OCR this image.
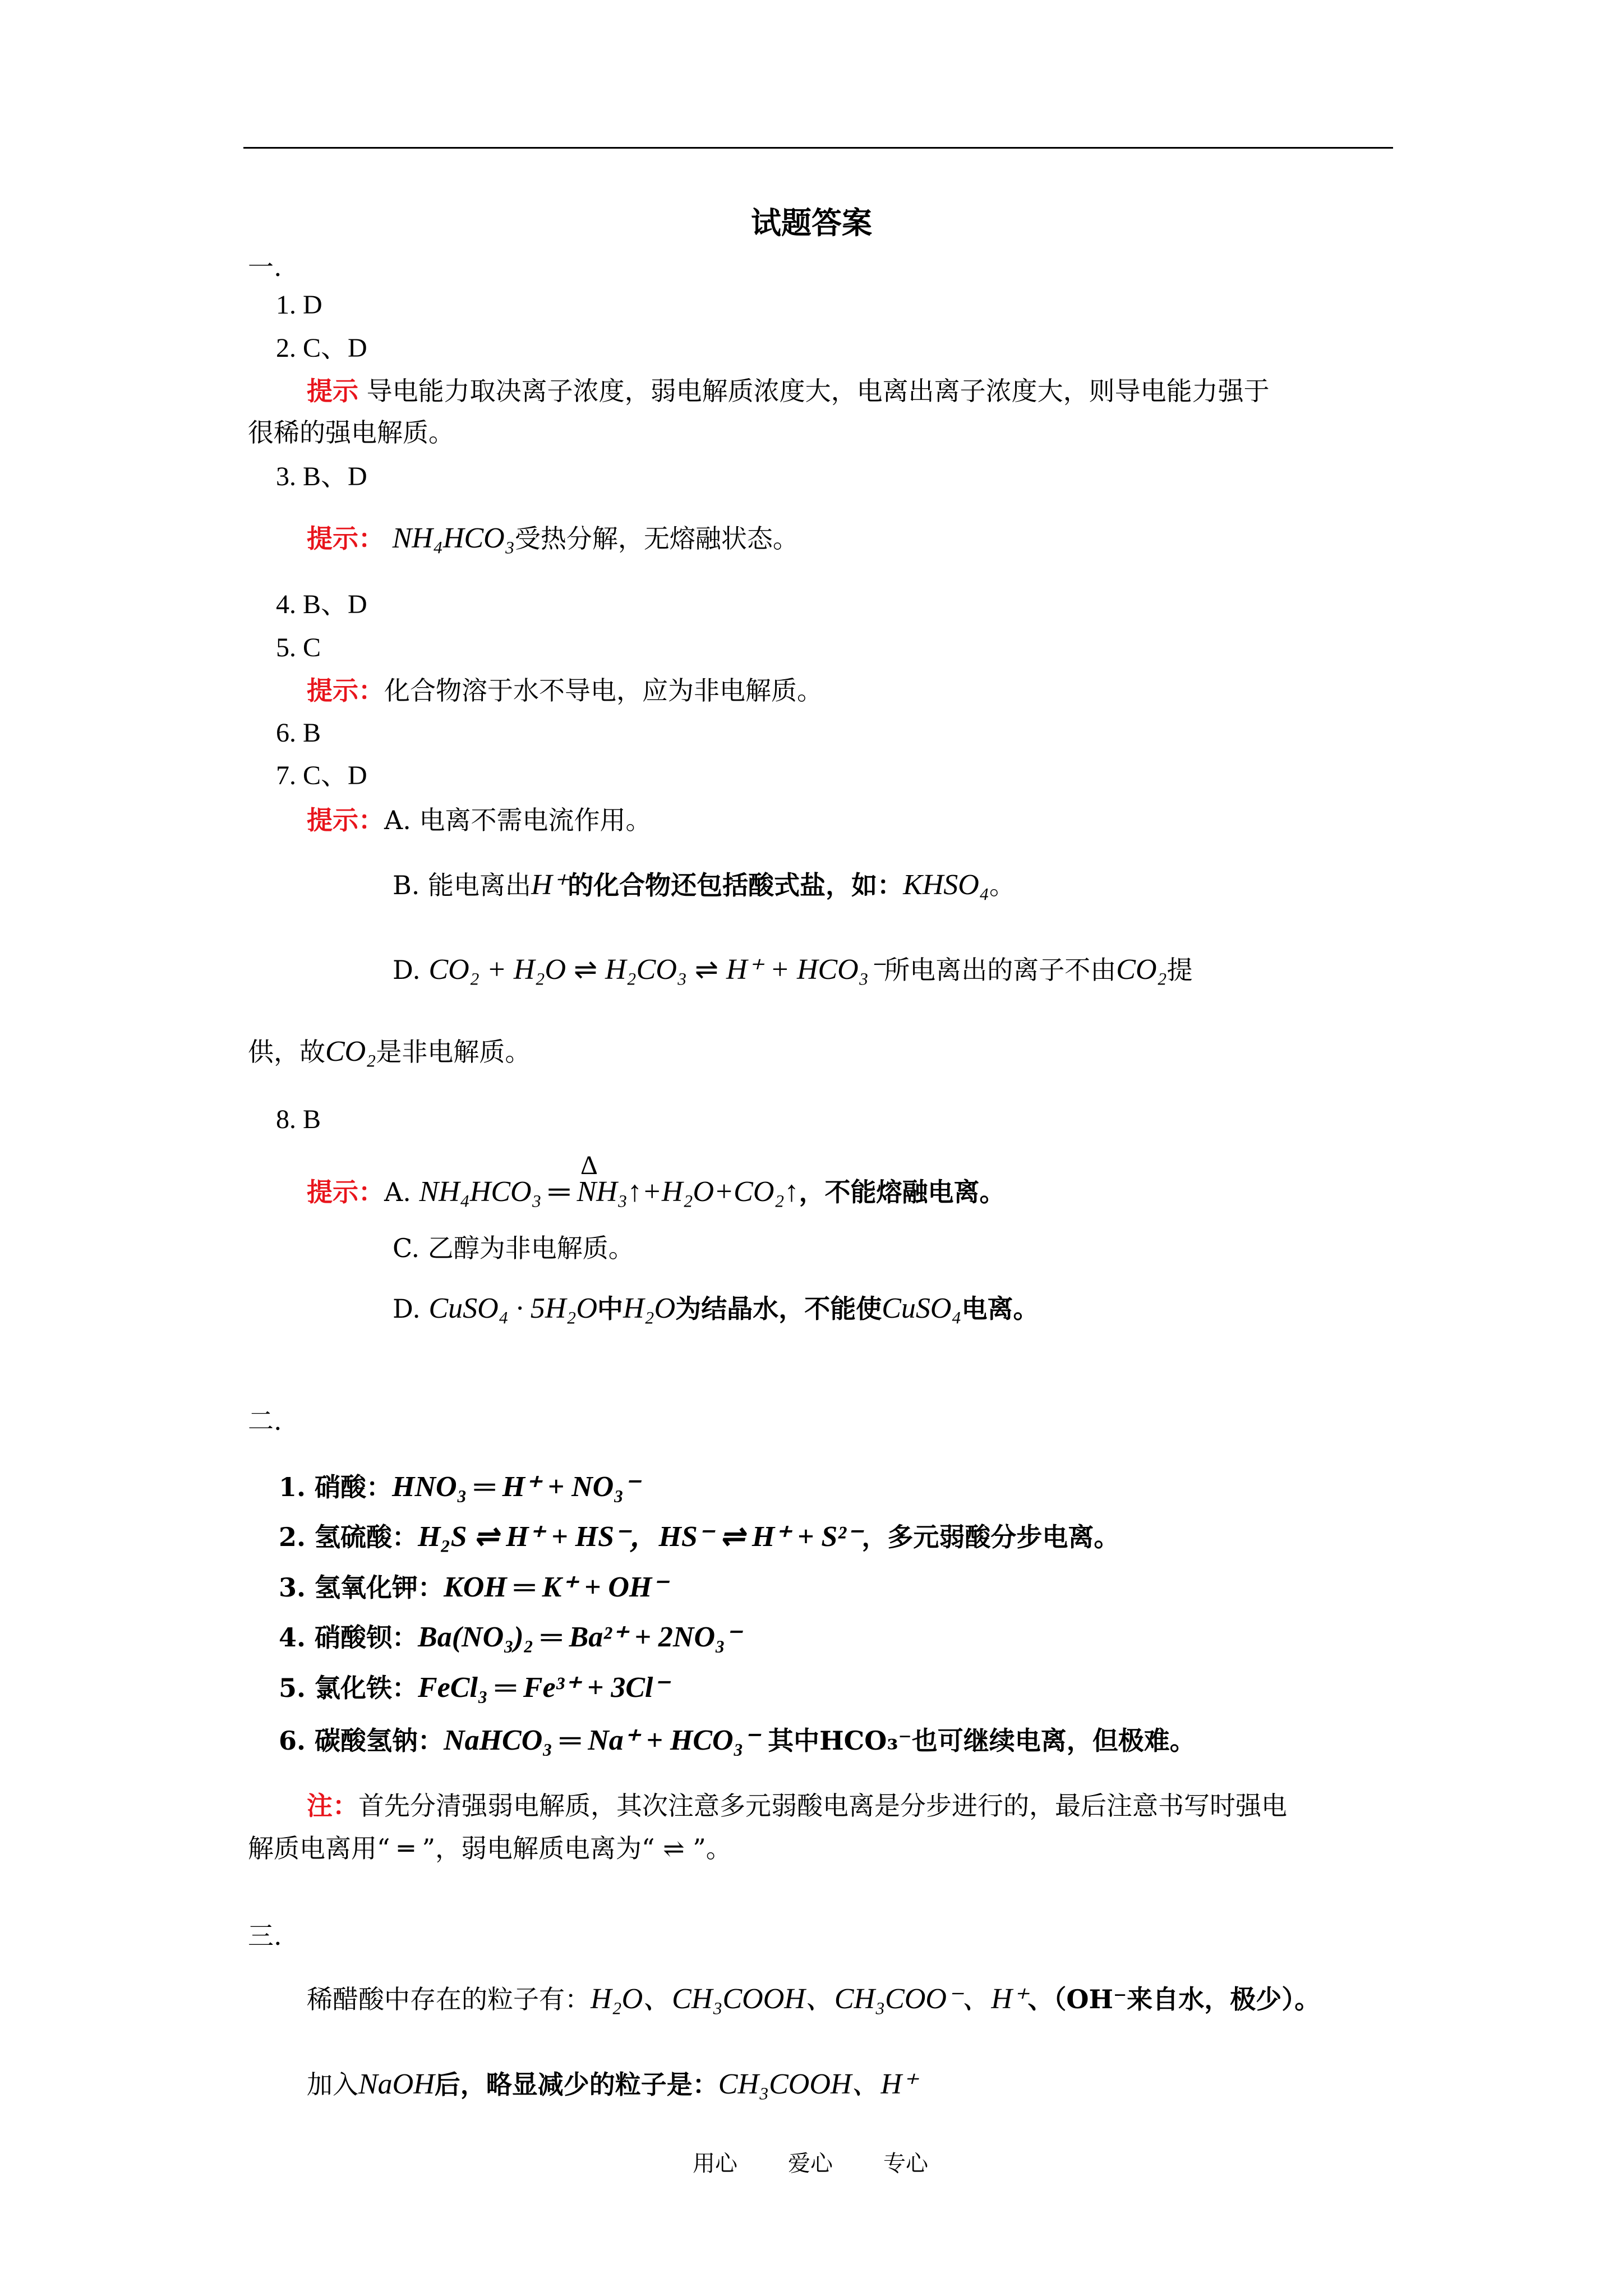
试题答案
一.
1. D
2. C、D
提示 导电能力取决离子浓度，弱电解质浓度大，电离出离子浓度大，则导电能力强于
很稀的强电解质。
3. B、D
提示： NH₄HCO₃受热分解，无熔融状态。
4. B、D
5. C
提示：化合物溶于水不导电，应为非电解质。
6. B
7. C、D
提示：A. 电离不需电流作用。
B. 能电离出H⁺的化合物还包括酸式盐，如：KHSO₄。
D. CO₂ + H₂O ⇌ H₂CO₃ ⇌ H⁺ + HCO₃⁻所电离出的离子不由CO₂提
供，故CO₂是非电解质。
8. B
Δ
提示：A. NH₄HCO₃ ═ NH₃↑+H₂O+CO₂↑，不能熔融电离。
C. 乙醇为非电解质。
D. CuSO₄ · 5H₂O中H₂O为结晶水，不能使CuSO₄电离。
二.
1. 硝酸：HNO₃ ═ H⁺ + NO₃⁻
2. 氢硫酸：H₂S ⇌ H⁺ + HS⁻，HS⁻ ⇌ H⁺ + S²⁻，多元弱酸分步电离。
3. 氢氧化钾：KOH ═ K⁺ + OH⁻
4. 硝酸钡：Ba(NO₃)₂ ═ Ba²⁺ + 2NO₃⁻
5. 氯化铁：FeCl₃ ═ Fe³⁺ + 3Cl⁻
6. 碳酸氢钠：NaHCO₃ ═ Na⁺ + HCO₃⁻ 其中HCO₃⁻也可继续电离，但极难。
注：首先分清强弱电解质，其次注意多元弱酸电离是分步进行的，最后注意书写时强电
解质电离用“ ═ ”，弱电解质电离为“ ⇌ ”。
三.
稀醋酸中存在的粒子有：H₂O、CH₃COOH、CH₃COO⁻、H⁺、（OH⁻来自水，极少）。
加入NaOH后，略显减少的粒子是：CH₃COOH、H⁺
用心 爱心 专心
